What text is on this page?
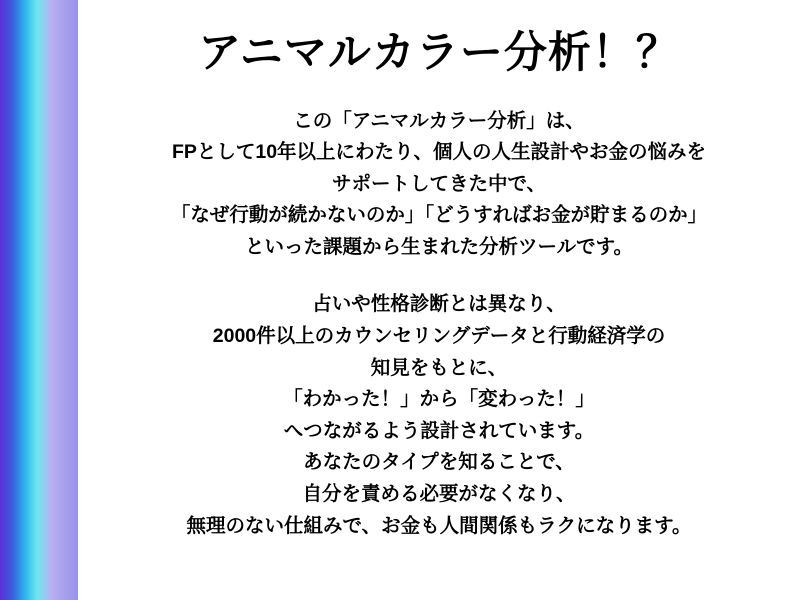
アニマルカラー分析！？
この「アニマルカラー分析」は、
FPとして10年以上にわたり、個人の人生設計やお金の悩みを
サポートしてきた中で、
「なぜ行動が続かないのか」「どうすればお金が貯まるのか」
といった課題から生まれた分析ツールです。
占いや性格診断とは異なり、
2000件以上のカウンセリングデータと行動経済学の
知見をもとに、
「わかった！」から「変わった！」
へつながるよう設計されています。
あなたのタイプを知ることで、
自分を責める必要がなくなり、
無理のない仕組みで、お金も人間関係もラクになります。
